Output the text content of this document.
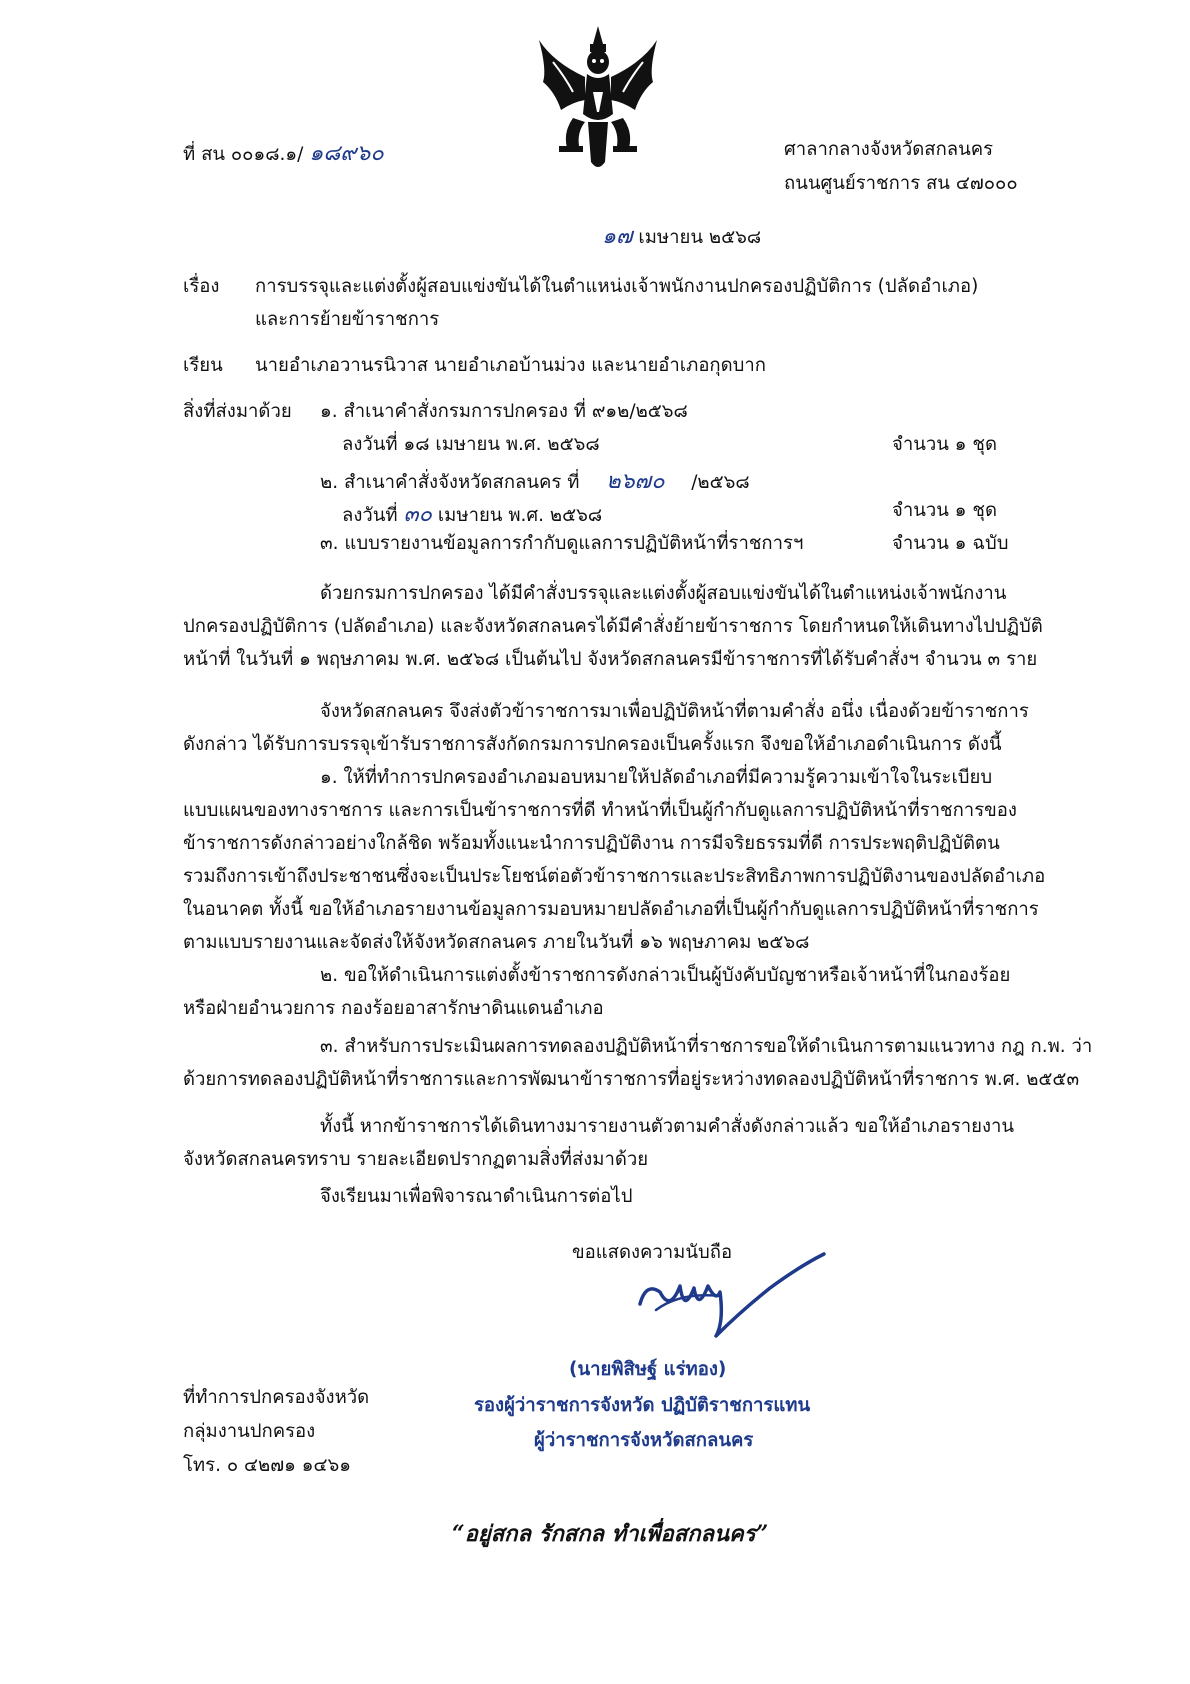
ที่ สน ๐๐๑๘.๑/ ๑๘๙๖๐	ศาลากลางจังหวัดสกลนคร
ถนนศูนย์ราชการ สน ๔๗๐๐๐
๑๗ เมษายน ๒๕๖๘
เรื่อง การบรรจุและแต่งตั้งผู้สอบแข่งขันได้ในตำแหน่งเจ้าพนักงานปกครองปฏิบัติการ (ปลัดอำเภอ)
และการย้ายข้าราชการ
เรียน นายอำเภอวานรนิวาส นายอำเภอบ้านม่วง และนายอำเภอกุดบาก
สิ่งที่ส่งมาด้วย ๑. สำเนาคำสั่งกรมการปกครอง ที่ ๙๑๒/๒๕๖๘
ลงวันที่ ๑๘ เมษายน พ.ศ. ๒๕๖๘	จำนวน ๑ ชุด
๒. สำเนาคำสั่งจังหวัดสกลนคร ที่ ๒๖๗๐ /๒๕๖๘
ลงวันที่ ๓๐ เมษายน พ.ศ. ๒๕๖๘	จำนวน ๑ ชุด
๓. แบบรายงานข้อมูลการกำกับดูแลการปฏิบัติหน้าที่ราชการฯ	จำนวน ๑ ฉบับ
ด้วยกรมการปกครอง ได้มีคำสั่งบรรจุและแต่งตั้งผู้สอบแข่งขันได้ในตำแหน่งเจ้าพนักงาน
ปกครองปฏิบัติการ (ปลัดอำเภอ) และจังหวัดสกลนครได้มีคำสั่งย้ายข้าราชการ โดยกำหนดให้เดินทางไปปฏิบัติ
หน้าที่ ในวันที่ ๑ พฤษภาคม พ.ศ. ๒๕๖๘ เป็นต้นไป จังหวัดสกลนครมีข้าราชการที่ได้รับคำสั่งฯ จำนวน ๓ ราย
จังหวัดสกลนคร จึงส่งตัวข้าราชการมาเพื่อปฏิบัติหน้าที่ตามคำสั่ง อนึ่ง เนื่องด้วยข้าราชการ
ดังกล่าว ได้รับการบรรจุเข้ารับราชการสังกัดกรมการปกครองเป็นครั้งแรก จึงขอให้อำเภอดำเนินการ ดังนี้
๑. ให้ที่ทำการปกครองอำเภอมอบหมายให้ปลัดอำเภอที่มีความรู้ความเข้าใจในระเบียบ
แบบแผนของทางราชการ และการเป็นข้าราชการที่ดี ทำหน้าที่เป็นผู้กำกับดูแลการปฏิบัติหน้าที่ราชการของ
ข้าราชการดังกล่าวอย่างใกล้ชิด พร้อมทั้งแนะนำการปฏิบัติงาน การมีจริยธรรมที่ดี การประพฤติปฏิบัติตน
รวมถึงการเข้าถึงประชาชนซึ่งจะเป็นประโยชน์ต่อตัวข้าราชการและประสิทธิภาพการปฏิบัติงานของปลัดอำเภอ
ในอนาคต ทั้งนี้ ขอให้อำเภอรายงานข้อมูลการมอบหมายปลัดอำเภอที่เป็นผู้กำกับดูแลการปฏิบัติหน้าที่ราชการ
ตามแบบรายงานและจัดส่งให้จังหวัดสกลนคร ภายในวันที่ ๑๖ พฤษภาคม ๒๕๖๘
๒. ขอให้ดำเนินการแต่งตั้งข้าราชการดังกล่าวเป็นผู้บังคับบัญชาหรือเจ้าหน้าที่ในกองร้อย
หรือฝ่ายอำนวยการ กองร้อยอาสารักษาดินแดนอำเภอ
๓. สำหรับการประเมินผลการทดลองปฏิบัติหน้าที่ราชการขอให้ดำเนินการตามแนวทาง กฎ ก.พ. ว่า
ด้วยการทดลองปฏิบัติหน้าที่ราชการและการพัฒนาข้าราชการที่อยู่ระหว่างทดลองปฏิบัติหน้าที่ราชการ พ.ศ. ๒๕๕๓
ทั้งนี้ หากข้าราชการได้เดินทางมารายงานตัวตามคำสั่งดังกล่าวแล้ว ขอให้อำเภอรายงาน
จังหวัดสกลนครทราบ รายละเอียดปรากฏตามสิ่งที่ส่งมาด้วย
จึงเรียนมาเพื่อพิจารณาดำเนินการต่อไป
ขอแสดงความนับถือ
(นายพิสิษฐ์ แร่ทอง)
รองผู้ว่าราชการจังหวัด ปฏิบัติราชการแทน
ผู้ว่าราชการจังหวัดสกลนคร
ที่ทำการปกครองจังหวัด
กลุ่มงานปกครอง
โทร. ๐ ๔๒๗๑ ๑๔๖๑
“อยู่สกล รักสกล ทำเพื่อสกลนคร”
